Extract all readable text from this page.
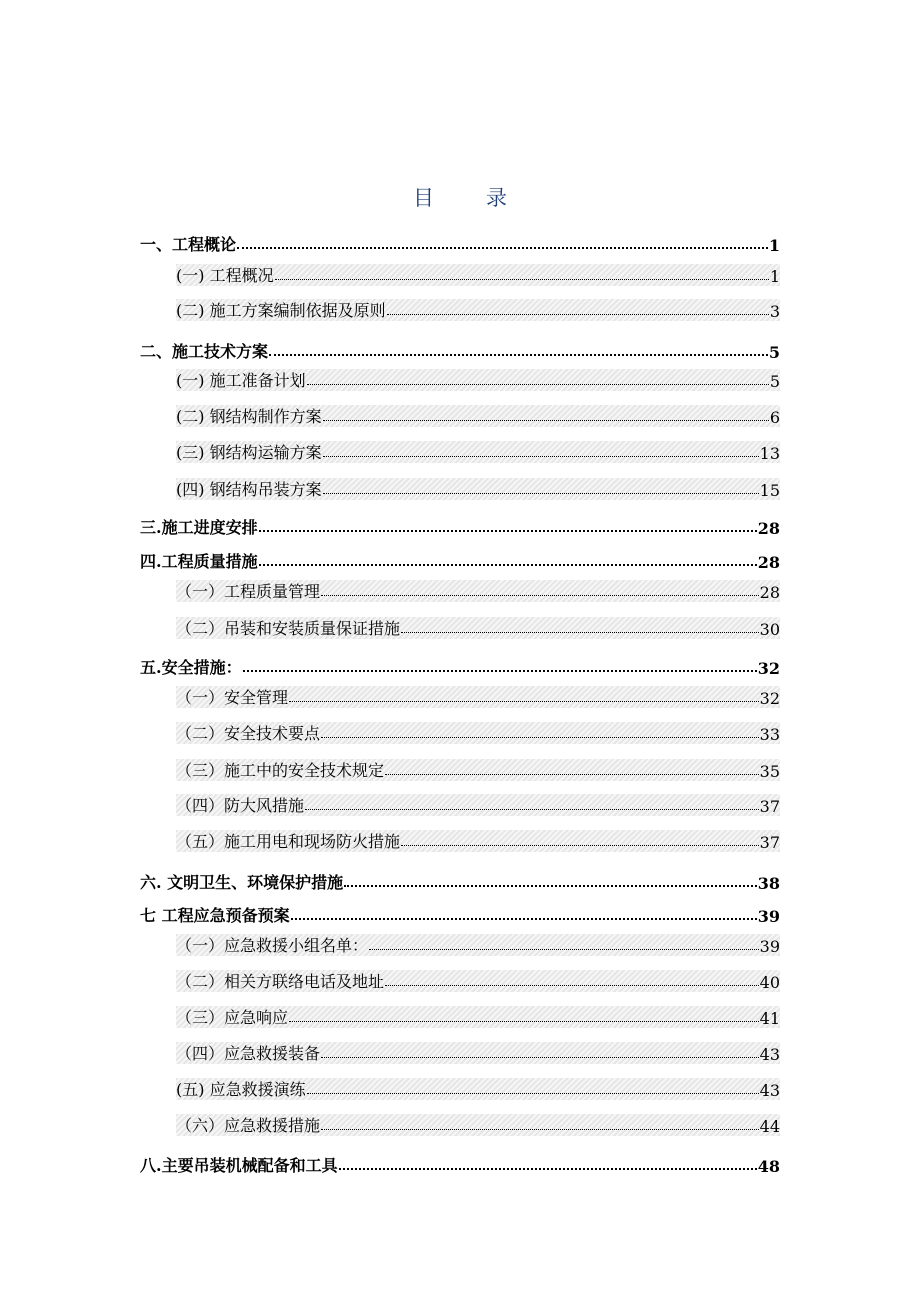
目 录
一、工程概论	1
(一) 工程概况	1
(二) 施工方案编制依据及原则	3
二、施工技术方案	5
(一) 施工准备计划	5
(二) 钢结构制作方案	6
(三) 钢结构运输方案	13
(四) 钢结构吊装方案	15
三.施工进度安排	28
四.工程质量措施	28
（一）工程质量管理	28
（二）吊装和安装质量保证措施	30
五.安全措施：	32
（一）安全管理	32
（二）安全技术要点	33
（三）施工中的安全技术规定	35
（四）防大风措施	37
（五）施工用电和现场防火措施	37
六. 文明卫生、环境保护措施	38
七 工程应急预备预案	39
（一）应急救援小组名单：	39
（二）相关方联络电话及地址	40
（三）应急响应	41
（四）应急救援装备	43
(五) 应急救援演练	43
（六）应急救援措施	44
八.主要吊装机械配备和工具	48
